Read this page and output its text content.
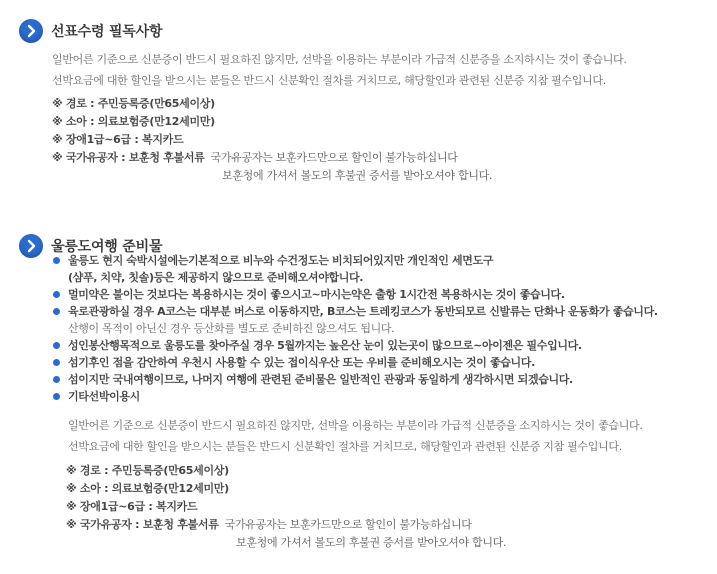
선표수령 필독사항
일반어른 기준으로 신분증이 반드시 필요하진 않지만, 선박을 이용하는 부분이라 가급적 신분증을 소지하시는 것이 좋습니다.
선박요금에 대한 할인을 받으시는 분들은 반드시 신분확인 절차를 거치므로, 해당할인과 관련된 신분증 지참 필수입니다.
※ 경로 : 주민등록증(만65세이상)
※ 소아 : 의료보험증(만12세미만)
※ 장애1급~6급 : 복지카드
※ 국가유공자 : 보훈청 후불서류 국가유공자는 보훈카드만으로 할인이 불가능하십니다
보훈청에 가셔서 볼도의 후불권 증서를 받아오셔야 합니다.
울릉도여행 준비물
울릉도 현지 숙박시설에는기본적으로 비누와 수건정도는 비치되어있지만 개인적인 세면도구
(샴푸, 치약, 칫솔)등은 제공하지 않으므로 준비해오셔야합니다.
멀미약은 불이는 것보다는 복용하시는 것이 좋으시고~마시는약은 출항 1시간전 복용하시는 것이 좋습니다.
육로관광하실 경우 A코스는 대부분 버스로 이동하지만, B코스는 트레킹코스가 동반되모르 신발류는 단화나 운동화가 좋습니다.
산행이 목적이 아닌신 경우 등산화를 별도로 준비하진 않으셔도 됩니다.
성인봉산행목적으로 울릉도를 찾아주실 경우 5월까지는 높은산 눈이 있는곳이 많으므로~아이젠은 필수입니다.
섬기후인 점을 감안하여 우천시 사용할 수 있는 접이식우산 또는 우비를 준비해오시는 것이 좋습니다.
섬이지만 국내여행이므로, 나머지 여행에 관련된 준비물은 일반적인 관광과 동일하게 생각하시면 되겠습니다.
기타선박이용시
일반어른 기준으로 신분증이 반드시 필요하진 않지만, 선박을 이용하는 부분이라 가급적 신분증을 소지하시는 것이 좋습니다.
선박요금에 대한 할인을 받으시는 분들은 반드시 신분확인 절차를 거치므로, 해당할인과 관련된 신분증 지참 필수입니다.
※ 경로 : 주민등록증(만65세이상)
※ 소아 : 의료보험증(만12세미만)
※ 장애1급~6급 : 복지카드
※ 국가유공자 : 보훈청 후불서류 국가유공자는 보훈카드만으로 할인이 불가능하십니다
보훈청에 가셔서 볼도의 후불권 증서를 받아오셔야 합니다.
